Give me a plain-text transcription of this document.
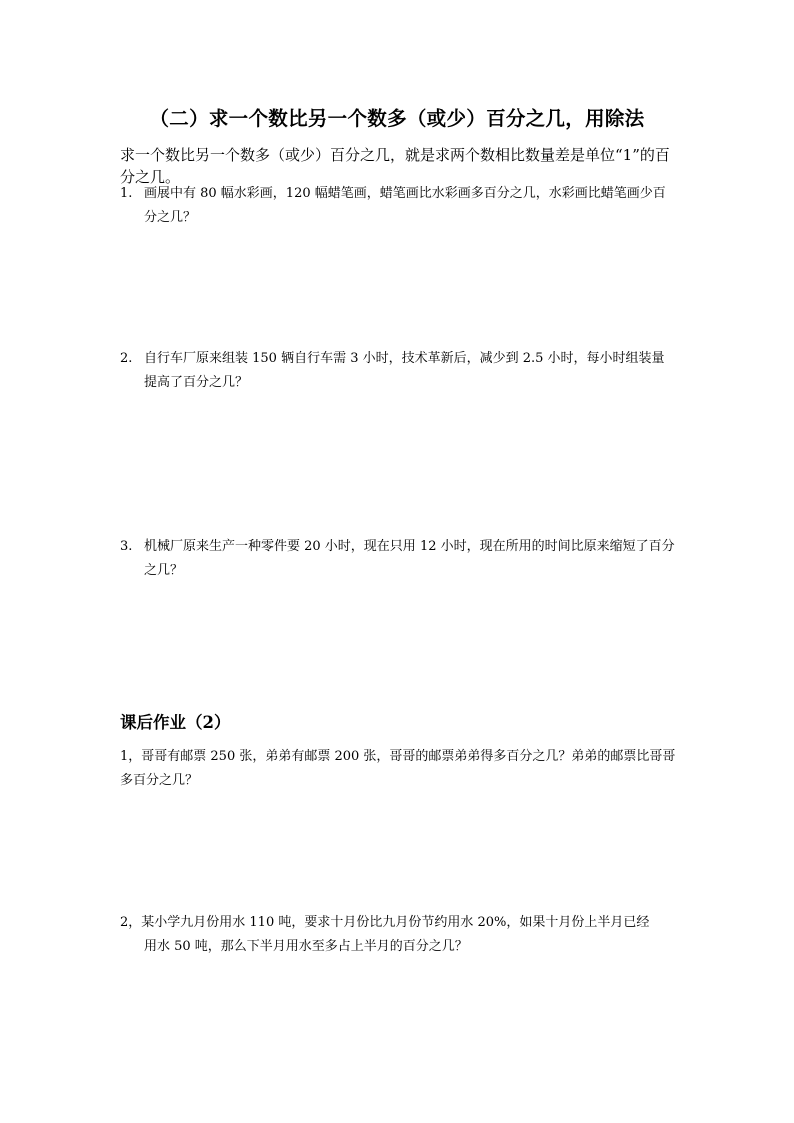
（二）求一个数比另一个数多（或少）百分之几，用除法
求一个数比另一个数多（或少）百分之几，就是求两个数相比数量差是单位“1”的百分之几。
1. 画展中有 80 幅水彩画，120 幅蜡笔画，蜡笔画比水彩画多百分之几，水彩画比蜡笔画少百分之几？
2. 自行车厂原来组装 150 辆自行车需 3 小时，技术革新后，减少到 2.5 小时，每小时组装量提高了百分之几？
3. 机械厂原来生产一种零件要 20 小时，现在只用 12 小时，现在所用的时间比原来缩短了百分之几？
课后作业（2）
1，哥哥有邮票 250 张，弟弟有邮票 200 张，哥哥的邮票弟弟得多百分之几？弟弟的邮票比哥哥多百分之几？
2，某小学九月份用水 110 吨，要求十月份比九月份节约用水 20%，如果十月份上半月已经
用水 50 吨，那么下半月用水至多占上半月的百分之几？
